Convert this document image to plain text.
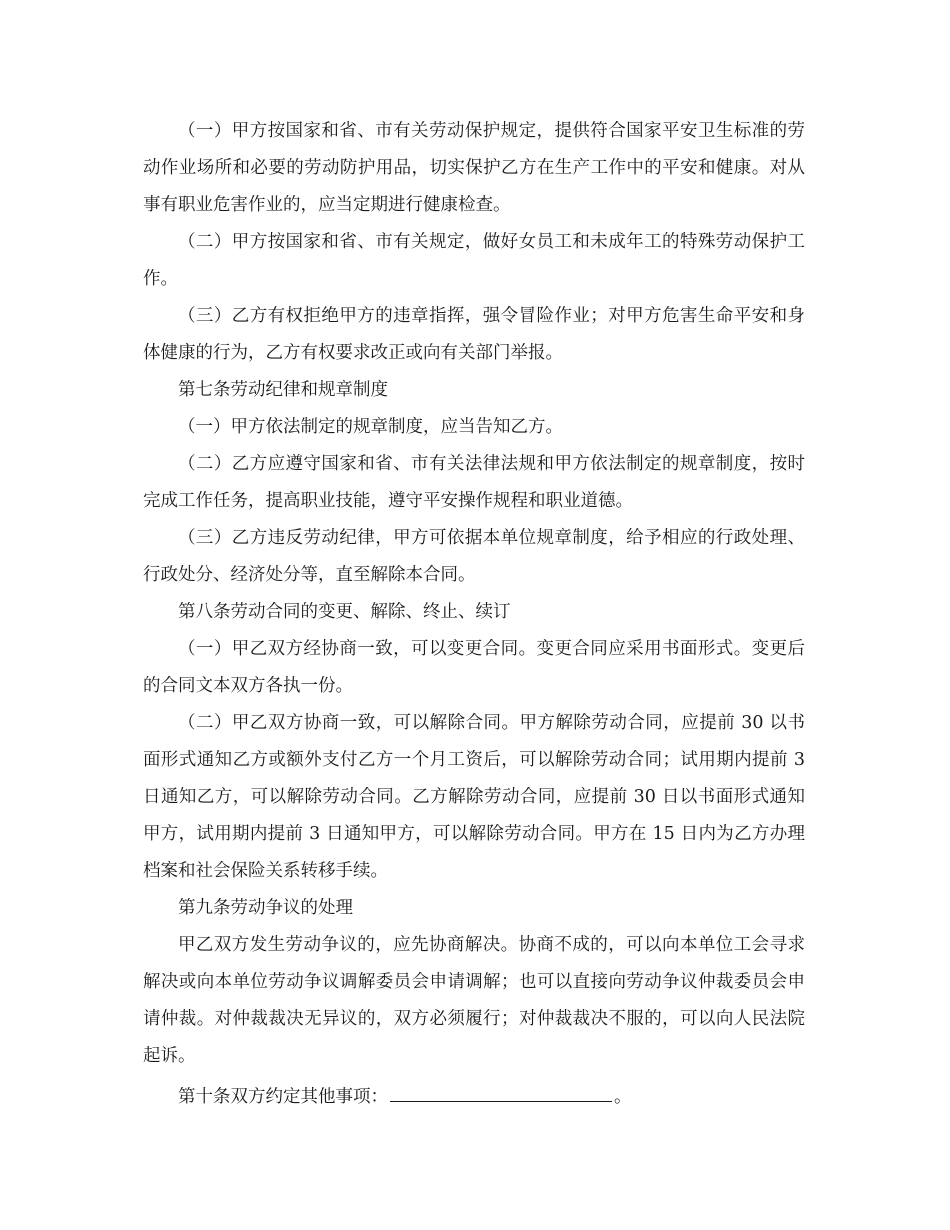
（一）甲方按国家和省、市有关劳动保护规定，提供符合国家平安卫生标准的劳动作业场所和必要的劳动防护用品，切实保护乙方在生产工作中的平安和健康。对从事有职业危害作业的，应当定期进行健康检查。

（二）甲方按国家和省、市有关规定，做好女员工和未成年工的特殊劳动保护工作。

（三）乙方有权拒绝甲方的违章指挥，强令冒险作业；对甲方危害生命平安和身体健康的行为，乙方有权要求改正或向有关部门举报。

第七条劳动纪律和规章制度

（一）甲方依法制定的规章制度，应当告知乙方。

（二）乙方应遵守国家和省、市有关法律法规和甲方依法制定的规章制度，按时完成工作任务，提高职业技能，遵守平安操作规程和职业道德。

（三）乙方违反劳动纪律，甲方可依据本单位规章制度，给予相应的行政处理、行政处分、经济处分等，直至解除本合同。

第八条劳动合同的变更、解除、终止、续订

（一）甲乙双方经协商一致，可以变更合同。变更合同应采用书面形式。变更后的合同文本双方各执一份。

（二）甲乙双方协商一致，可以解除合同。甲方解除劳动合同，应提前 30 以书面形式通知乙方或额外支付乙方一个月工资后，可以解除劳动合同；试用期内提前 3 日通知乙方，可以解除劳动合同。乙方解除劳动合同，应提前 30 日以书面形式通知甲方，试用期内提前 3 日通知甲方，可以解除劳动合同。甲方在 15 日内为乙方办理档案和社会保险关系转移手续。

第九条劳动争议的处理

甲乙双方发生劳动争议的，应先协商解决。协商不成的，可以向本单位工会寻求解决或向本单位劳动争议调解委员会申请调解；也可以直接向劳动争议仲裁委员会申请仲裁。对仲裁裁决无异议的，双方必须履行；对仲裁裁决不服的，可以向人民法院起诉。

第十条双方约定其他事项：	。
